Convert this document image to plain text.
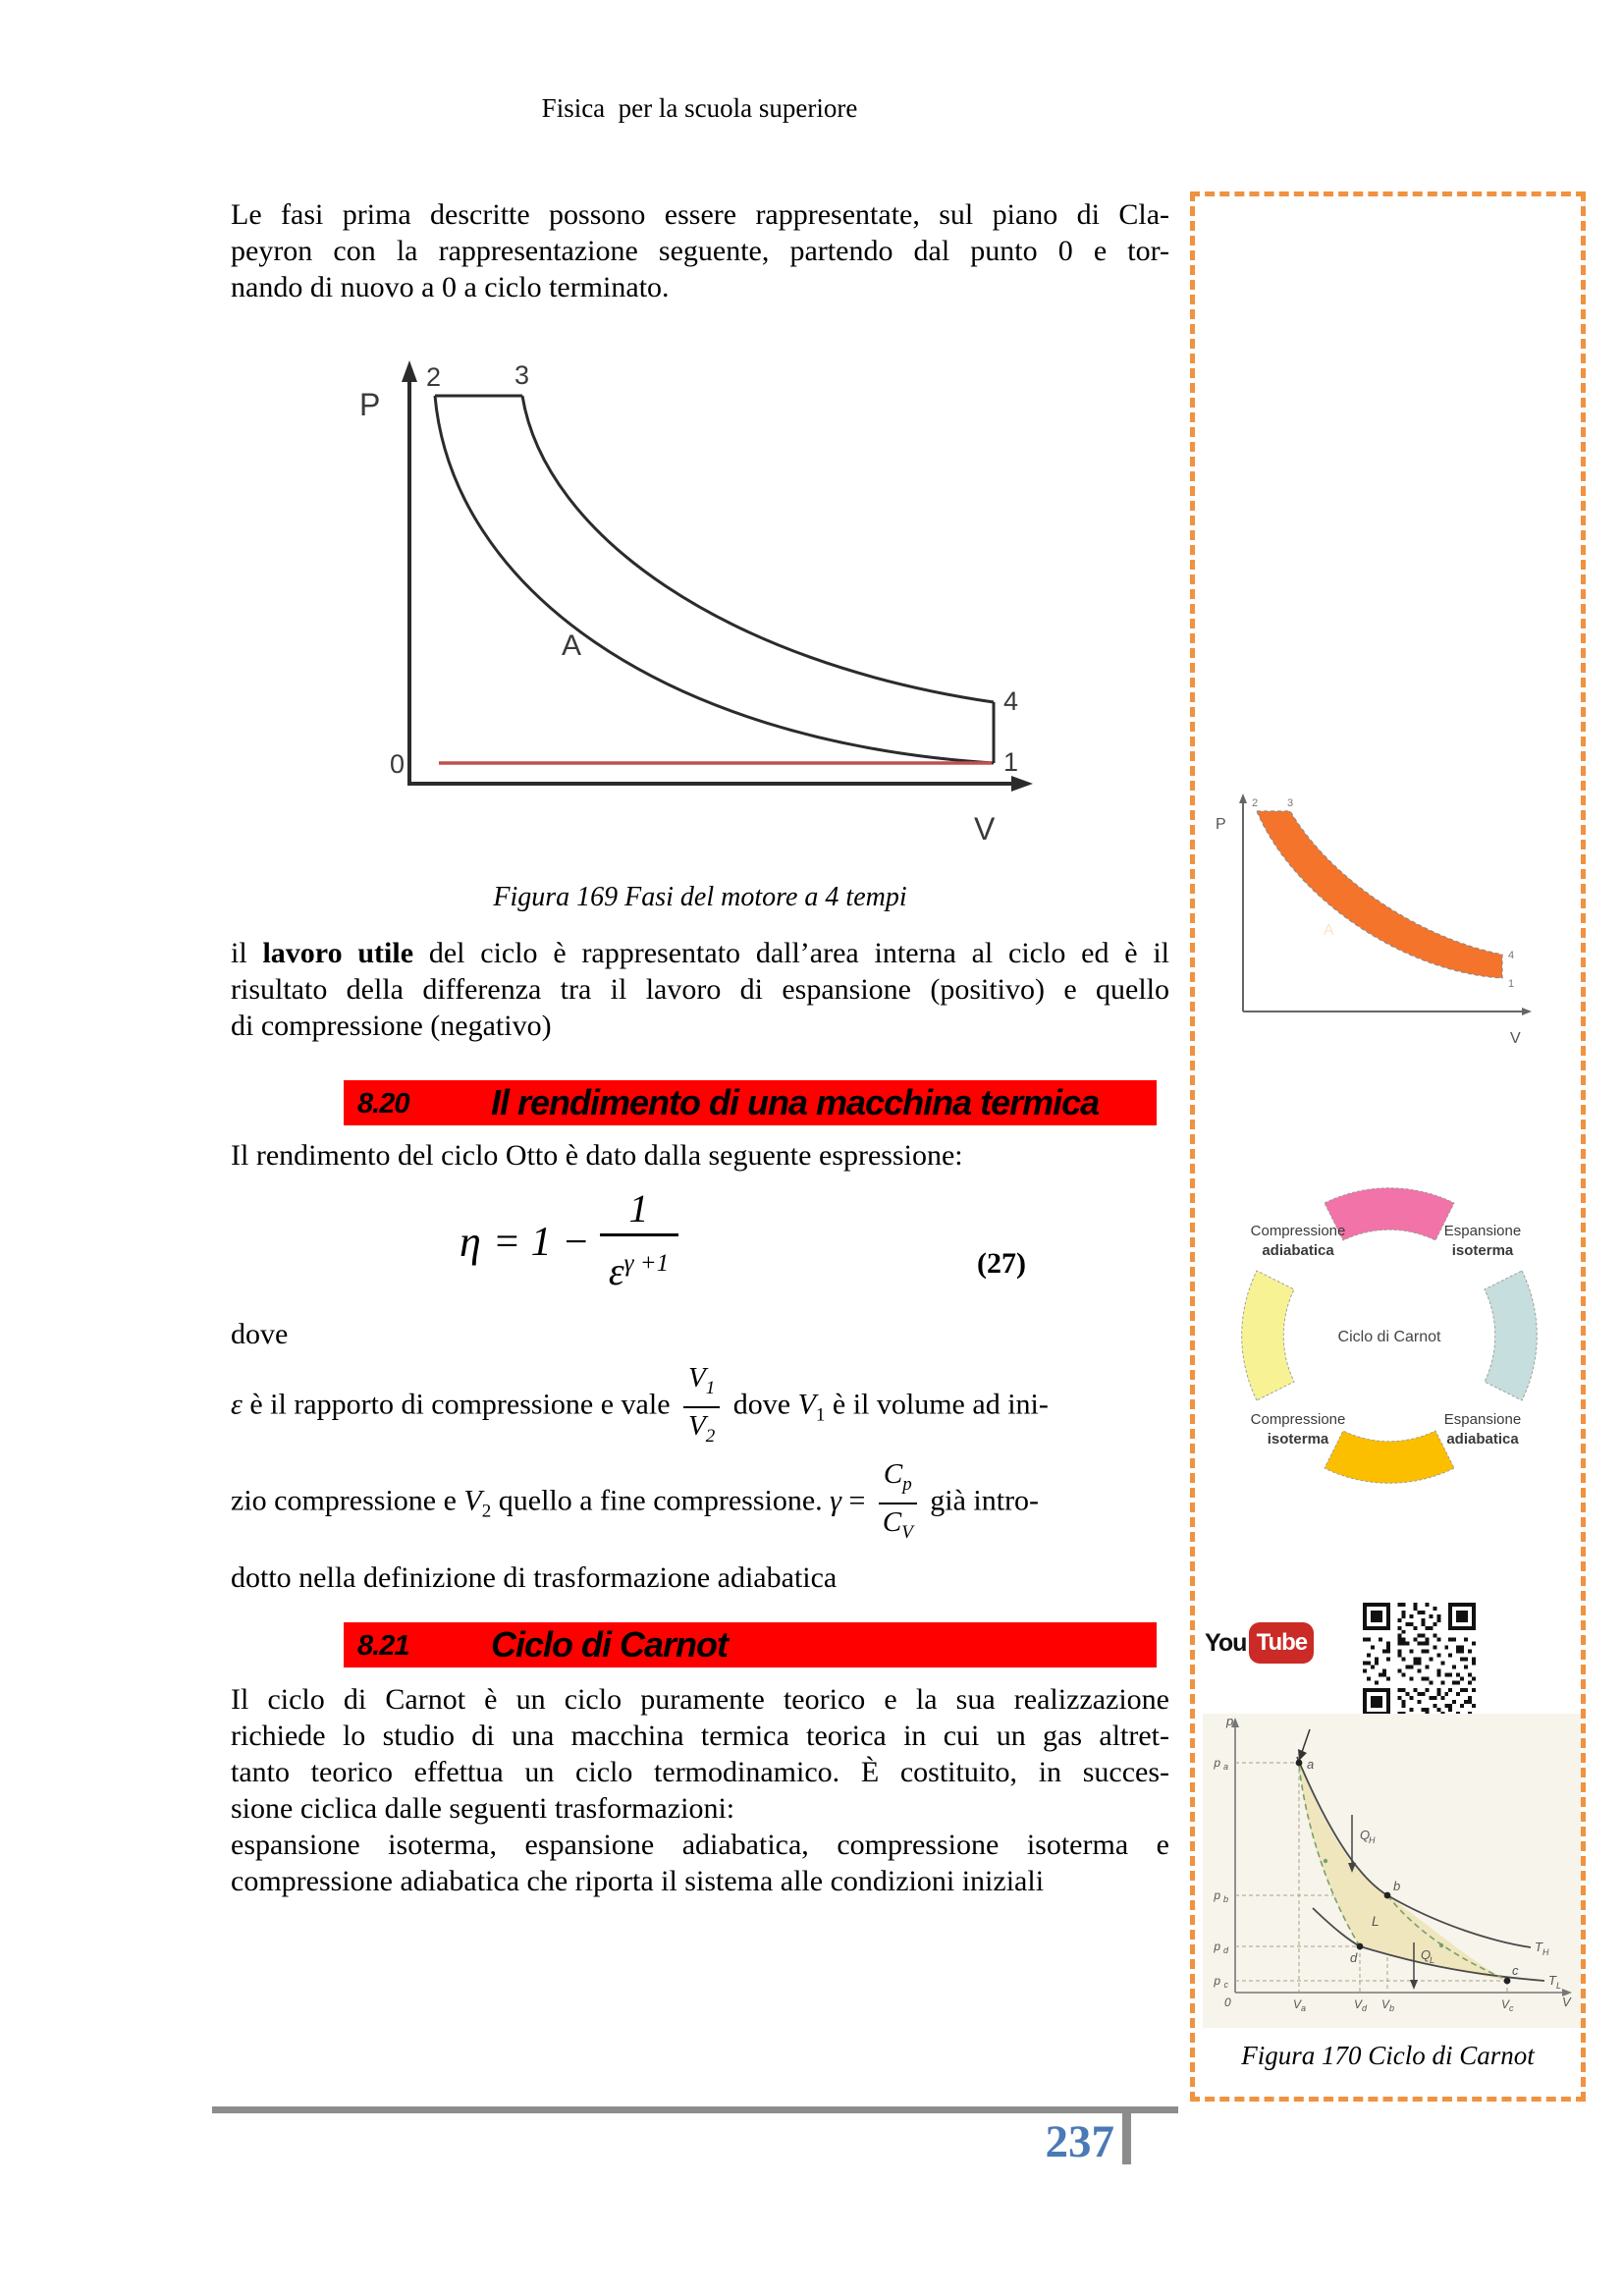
Fisica  per la scuola superiore
Le fasi prima descritte possono essere rappresentate, sul piano di Cla-
peyron con la rappresentazione seguente, partendo dal punto 0 e tor-
nando di nuovo a 0 a ciclo terminato.
P
V
2	3
4
1
0
A
Figura 169 Fasi del motore a 4 tempi
il lavoro utile del ciclo è rappresentato dall’area interna al ciclo ed è il
risultato della differenza tra il lavoro di espansione (positivo) e quello
di compressione (negativo)
8.20 Il rendimento di una macchina termica
Il rendimento del ciclo Otto è dato dalla seguente espressione:
$\eta = 1 - \frac{1}{\varepsilon^{\gamma +1}}$	(27)
dove
ε è il rapporto di compressione e vale $\frac{V_1}{V_2}$ dove $V_1$ è il volume ad ini-
zio compressione e $V_2$ quello a fine compressione. $\gamma = \frac{C_p}{C_V}$ già intro-
dotto nella definizione di trasformazione adiabatica
8.21 Ciclo di Carnot
Il ciclo di Carnot è un ciclo puramente teorico e la sua realizzazione
richiede lo studio di una macchina termica teorica in cui un gas altret-
tanto teorico effettua un ciclo termodinamico. È costituito, in succes-
sione ciclica dalle seguenti trasformazioni:
espansione isoterma, espansione adiabatica, compressione isoterma e
compressione adiabatica che riporta il sistema alle condizioni iniziali
P
V
2	3
4
1
A
Compressione
adiabatica
Espansione
isoterma
Ciclo di Carnot
Compressione
isoterma
Espansione
adiabatica
You Tube
p
V
0
p a
p b
p d
p c
V a	V d V b	V c
a
b
d
c
Q
H
Q
L
L
T H
T L
Figura 170 Ciclo di Carnot
237
